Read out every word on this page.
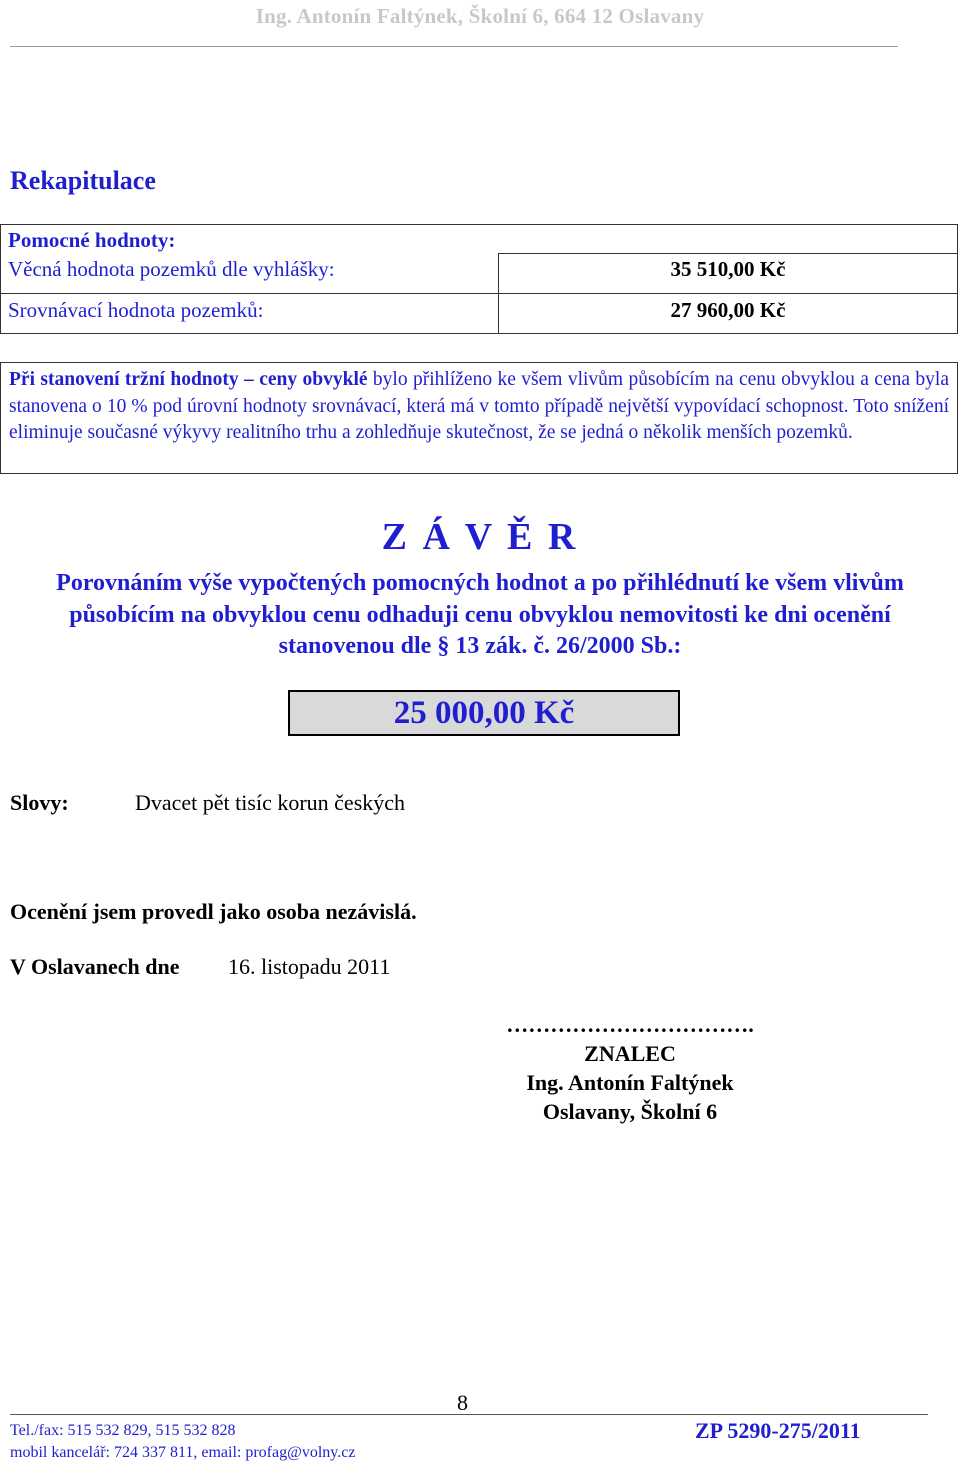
Ing. Antonín Faltýnek, Školní 6, 664 12 Oslavany
Rekapitulace
Pomocné hodnoty:
Věcná hodnota pozemků dle vyhlášky:	35 510,00 Kč
Srovnávací hodnota pozemků:	27 960,00 Kč
Při stanovení tržní hodnoty – ceny obvyklé bylo přihlíženo ke všem vlivům působícím na cenu obvyklou a cena byla stanovena o 10 % pod úrovní hodnoty srovnávací, která má v tomto případě největší vypovídací schopnost. Toto snížení eliminuje současné výkyvy realitního trhu a zohledňuje skutečnost, že se jedná o několik menších pozemků.
Z Á V Ě R
Porovnáním výše vypočtených pomocných hodnot a po přihlédnutí ke všem vlivům působícím na obvyklou cenu odhaduji cenu obvyklou nemovitosti ke dni ocenění stanovenou dle § 13 zák. č. 26/2000 Sb.:
25 000,00 Kč
Slovy:	Dvacet pět tisíc korun českých
Ocenění jsem provedl jako osoba nezávislá.
V Oslavanech dne 16. listopadu 2011
…………………………….
ZNALEC
Ing. Antonín Faltýnek
Oslavany, Školní 6
8
Tel./fax: 515 532 829, 515 532 828
mobil kancelář: 724 337 811, email: profag@volny.cz
ZP 5290-275/2011
